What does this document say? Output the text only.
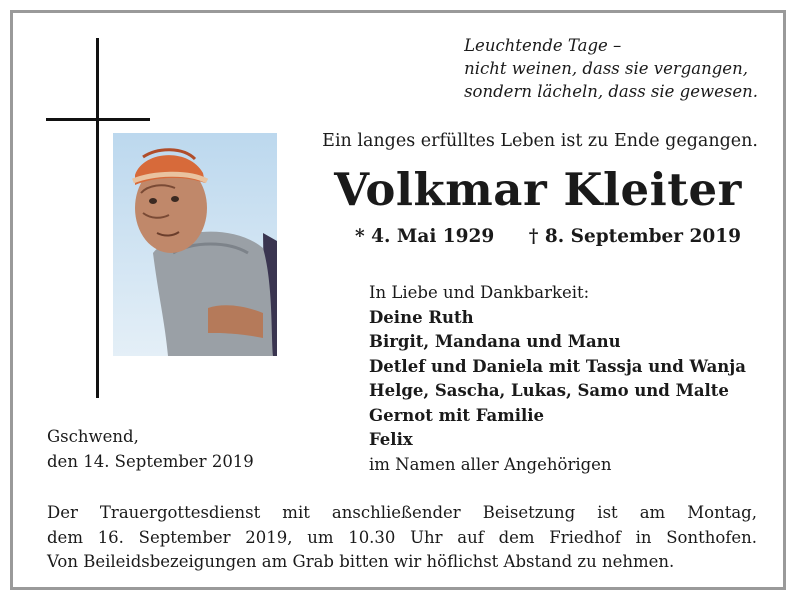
Leuchtende Tage –
nicht weinen, dass sie vergangen,
sondern lächeln, dass sie gewesen.
Ein langes erfülltes Leben ist zu Ende gegangen.
Volkmar Kleiter
* 4. Mai 1929 † 8. September 2019
In Liebe und Dankbarkeit:
Deine Ruth
Birgit, Mandana und Manu
Detlef und Daniela mit Tassja und Wanja
Helge, Sascha, Lukas, Samo und Malte
Gernot mit Familie
Felix
im Namen aller Angehörigen
Gschwend,
den 14. September 2019
Der Trauergottesdienst mit anschließender Beisetzung ist am Montag,
dem 16. September 2019, um 10.30 Uhr auf dem Friedhof in Sonthofen.
Von Beileidsbezeigungen am Grab bitten wir höflichst Abstand zu nehmen.
